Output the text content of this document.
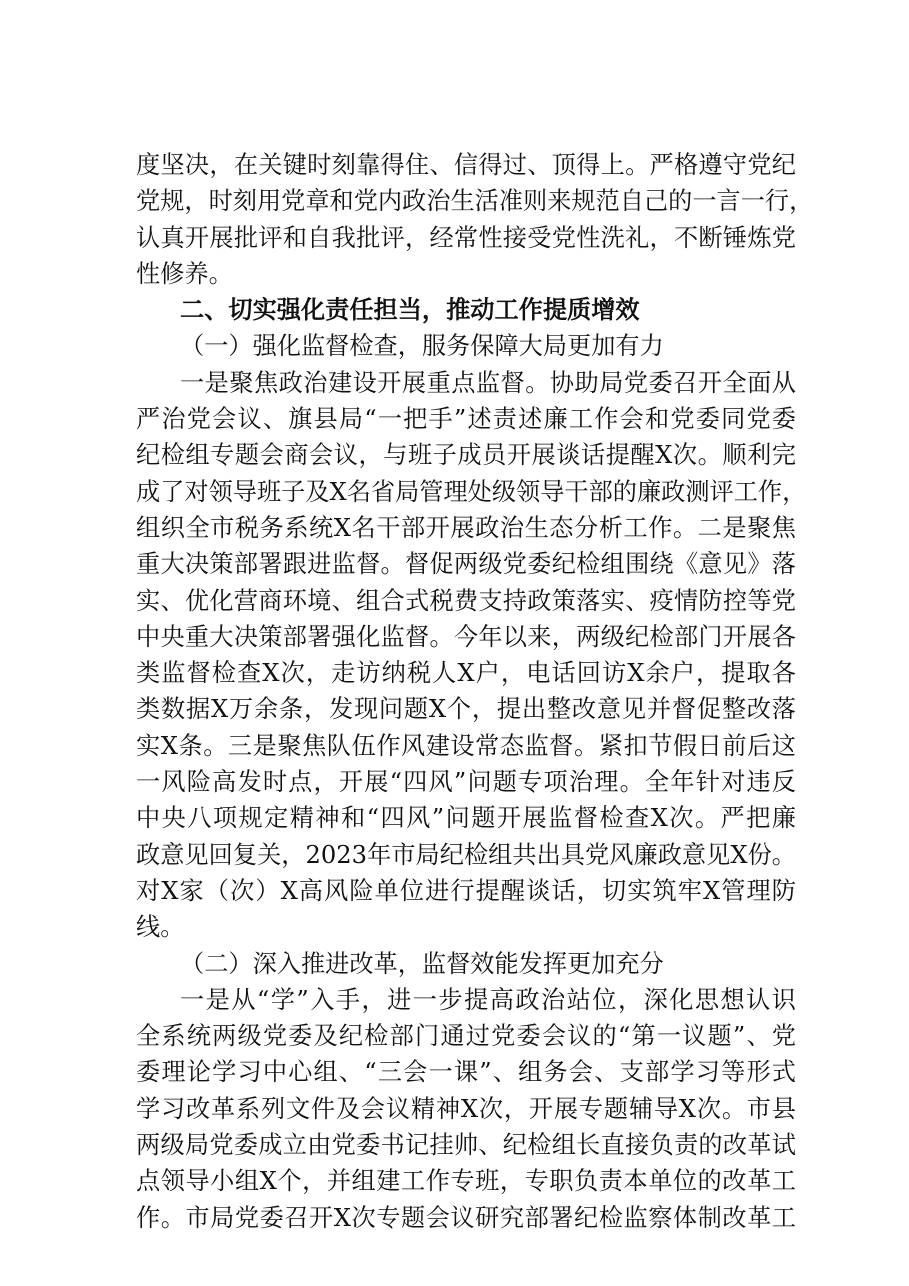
度坚决，在关键时刻靠得住、信得过、顶得上。严格遵守党纪
党规，时刻用党章和党内政治生活准则来规范自己的一言一行，
认真开展批评和自我批评，经常性接受党性洗礼，不断锤炼党
性修养。
二、切实强化责任担当，推动工作提质增效
（一）强化监督检查，服务保障大局更加有力
一是聚焦政治建设开展重点监督。协助局党委召开全面从
严治党会议、旗县局“一把手”述责述廉工作会和党委同党委
纪检组专题会商会议，与班子成员开展谈话提醒X次。顺利完
成了对领导班子及X名省局管理处级领导干部的廉政测评工作，
组织全市税务系统X名干部开展政治生态分析工作。二是聚焦
重大决策部署跟进监督。督促两级党委纪检组围绕《意见》落
实、优化营商环境、组合式税费支持政策落实、疫情防控等党
中央重大决策部署强化监督。今年以来，两级纪检部门开展各
类监督检查X次，走访纳税人X户，电话回访X余户，提取各
类数据X万余条，发现问题X个，提出整改意见并督促整改落
实X条。三是聚焦队伍作风建设常态监督。紧扣节假日前后这
一风险高发时点，开展“四风”问题专项治理。全年针对违反
中央八项规定精神和“四风”问题开展监督检查X次。严把廉
政意见回复关，2023年市局纪检组共出具党风廉政意见X份。
对X家（次）X高风险单位进行提醒谈话，切实筑牢X管理防
线。
（二）深入推进改革，监督效能发挥更加充分
一是从“学”入手，进一步提高政治站位，深化思想认识
全系统两级党委及纪检部门通过党委会议的“第一议题”、党
委理论学习中心组、“三会一课”、组务会、支部学习等形式
学习改革系列文件及会议精神X次，开展专题辅导X次。市县
两级局党委成立由党委书记挂帅、纪检组长直接负责的改革试
点领导小组X个，并组建工作专班，专职负责本单位的改革工
作。市局党委召开X次专题会议研究部署纪检监察体制改革工
